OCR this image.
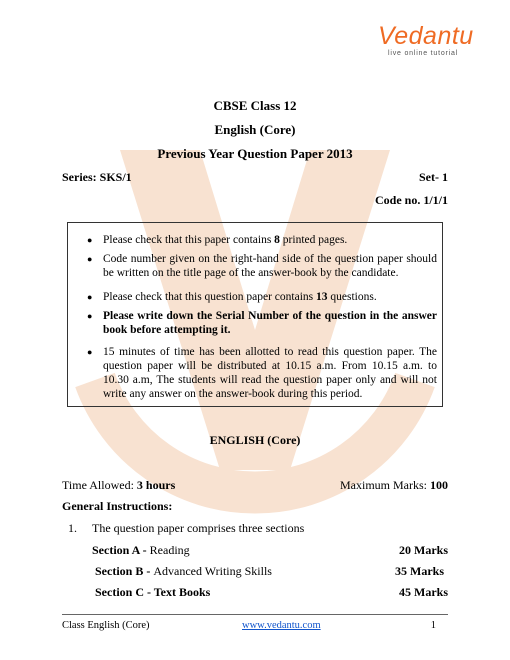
Vedantu
live online tutorial
CBSE Class 12
English (Core)
Previous Year Question Paper 2013
Series: SKS/1	Set- 1
Code no. 1/1/1
● Please check that this paper contains 8 printed pages.
● Code number given on the right-hand side of the question paper should be written on the title page of the answer-book by the candidate.
● Please check that this question paper contains 13 questions.
● Please write down the Serial Number of the question in the answer book before attempting it.
● 15 minutes of time has been allotted to read this question paper. The question paper will be distributed at 10.15 a.m. From 10.15 a.m. to 10.30 a.m, The students will read the question paper only and will not write any answer on the answer-book during this period.
ENGLISH (Core)
Time Allowed: 3 hours	Maximum Marks: 100
General Instructions:
1. The question paper comprises three sections
Section A - Reading	20 Marks
Section B - Advanced Writing Skills	35 Marks
Section C - Text Books	45 Marks
Class English (Core)	www.vedantu.com	1
